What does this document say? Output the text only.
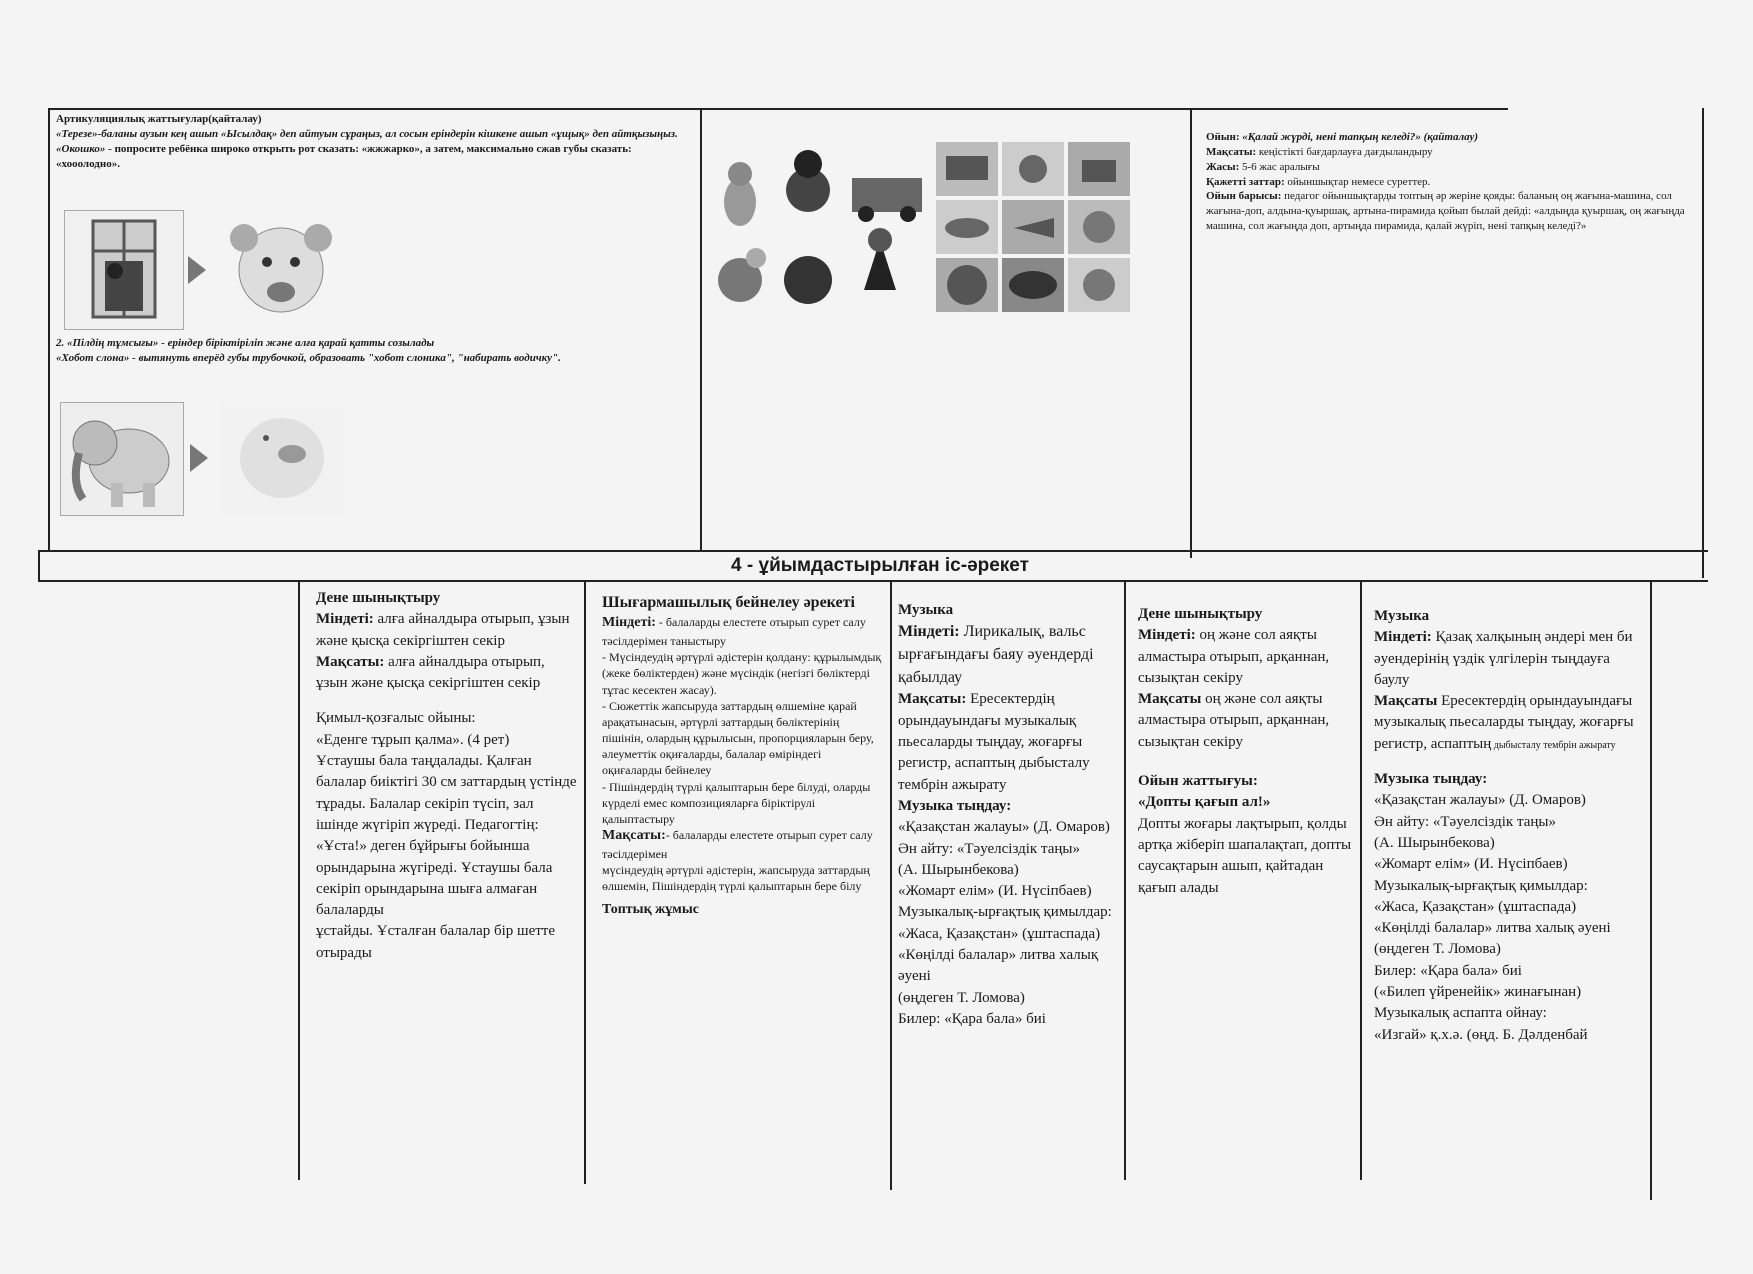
Артикуляциялық жаттығулар(қайталау)

«Терезе»-баланы аузын кең ашып «Ысылдақ» деп айтуын сұраңыз, ал сосын еріндерін кішкене ашып «ұщық» деп айтқызыңыз.

«Окошко» - попросите ребёнка широко открыть рот сказать: «жжжарко», а затем, максимально сжав губы сказать: «хооолодно».

2. «Пілдің тұмсығы» - еріндер біріктіріліп және алға қарай қатты созылады

«Хобот слона» - вытянуть вперёд губы трубочкой, образовать "хобот слоника", "набирать водичку".

Ойын: «Қалай жүрді, нені тапқың келеді?» (қайталау)

Мақсаты: кеңістікті бағдарлауға дағдыландыру

Жасы: 5-6 жас аралығы

Қажетті заттар: ойыншықтар немесе суреттер.

Ойын барысы: педагог ойыншықтарды топтың әр жеріне қояды: баланың оң жағына-машина, сол жағына-доп, алдына-қуыршақ, артына-пирамида қойып былай дейді: «алдыңда қуыршақ, оң жағыңда машина, сол жағыңда доп, артыңда пирамида, қалай жүріп, нені тапқың келеді?»

4 - ұйымдастырылған іс-әрекет

Дене шынықтыру

Міндеті: алға айналдыра отырып, ұзын және қысқа секіргіштен секір

Мақсаты: алға айналдыра отырып, ұзын және қысқа секіргіштен секір

Қимыл-қозғалыс ойыны:

«Еденге тұрып қалма». (4 рет)

Ұстаушы бала таңдалады. Қалған балалар биіктігі 30 см заттардың үстінде тұрады. Балалар секіріп түсіп, зал ішінде жүгіріп жүреді. Педагогтің: «Ұста!» деген бұйрығы бойынша орындарына жүгіреді. Ұстаушы бала секіріп орындарына шыға алмаған балаларды

ұстайды. Ұсталған балалар бір шетте отырады

Шығармашылық бейнелеу әрекеті

Міндеті: - балаларды елестете отырып сурет салу тәсілдерімен таныстыру

- Мүсіндеудің әртүрлі әдістерін қолдану: құрылымдық (жеке бөліктерден) және мүсіндік (негізгі бөліктерді тұтас кесектен жасау).

- Сюжеттік жапсыруда заттардың өлшеміне қарай арақатынасын, әртүрлі заттардың бөліктерінің пішінін, олардың құрылысын, пропорцияларын беру, әлеуметтік оқиғаларды, балалар өміріндегі оқиғаларды бейнелеу

- Пішіндердің түрлі қалыптарын бере білуді, оларды күрделі емес композицияларға біріктірулі қалыптастыру

Мақсаты:- балаларды елестете отырып сурет салу тәсілдерімен

мүсіндеудің әртүрлі әдістерін, жапсыруда заттардың өлшемін, Пішіндердің түрлі қалыптарын бере білу

Топтық жұмыс

Музыка

Міндеті: Лирикалық, вальс ырғағындағы баяу әуендерді қабылдау

Мақсаты: Ересектердің орындауындағы музыкалық пьесаларды тыңдау, жоғарғы регистр, аспаптың дыбысталу тембрін ажырату

Музыка тыңдау:

«Қазақстан жалауы» (Д. Омаров)

Ән айту: «Тәуелсіздік таңы»

(А. Шырынбекова)

«Жомарт елім» (И. Нүсіпбаев)

Музыкалық-ырғақтық қимылдар:

«Жаса, Қазақстан» (ұштаспада) «Көңілді балалар» литва халық әуені

(өңдеген Т. Ломова)

Билер: «Қара бала» биі

Дене шынықтыру

Міндеті: оң және сол аяқты алмастыра отырып, арқаннан, сызықтан секіру

Мақсаты оң және сол аяқты алмастыра отырып, арқаннан, сызықтан секіру

Ойын жаттығуы:

«Допты қағып ал!»

Допты жоғары лақтырып, қолды артқа жіберіп шапалақтап, допты саусақтарын ашып, қайтадан қағып алады

Музыка

Міндеті: Қазақ халқының әндері мен би әуендерінің үздік үлгілерін тыңдауға баулу

Мақсаты Ересектердің орындауындағы музыкалық пьесаларды тыңдау, жоғарғы регистр, аспаптың дыбысталу тембрін ажырату

Музыка тыңдау:

«Қазақстан жалауы» (Д. Омаров)

Ән айту: «Тәуелсіздік таңы»

(А. Шырынбекова)

«Жомарт елім» (И. Нүсіпбаев)

Музыкалық-ырғақтық қимылдар:

«Жаса, Қазақстан» (ұштаспада)

«Көңілді балалар» литва халық әуені

(өңдеген Т. Ломова)

Билер: «Қара бала» биі

(«Билеп үйренейік» жинағынан)

Музыкалық аспапта ойнау:

«Изгай» қ.х.ә. (өңд. Б. Дәлденбай
